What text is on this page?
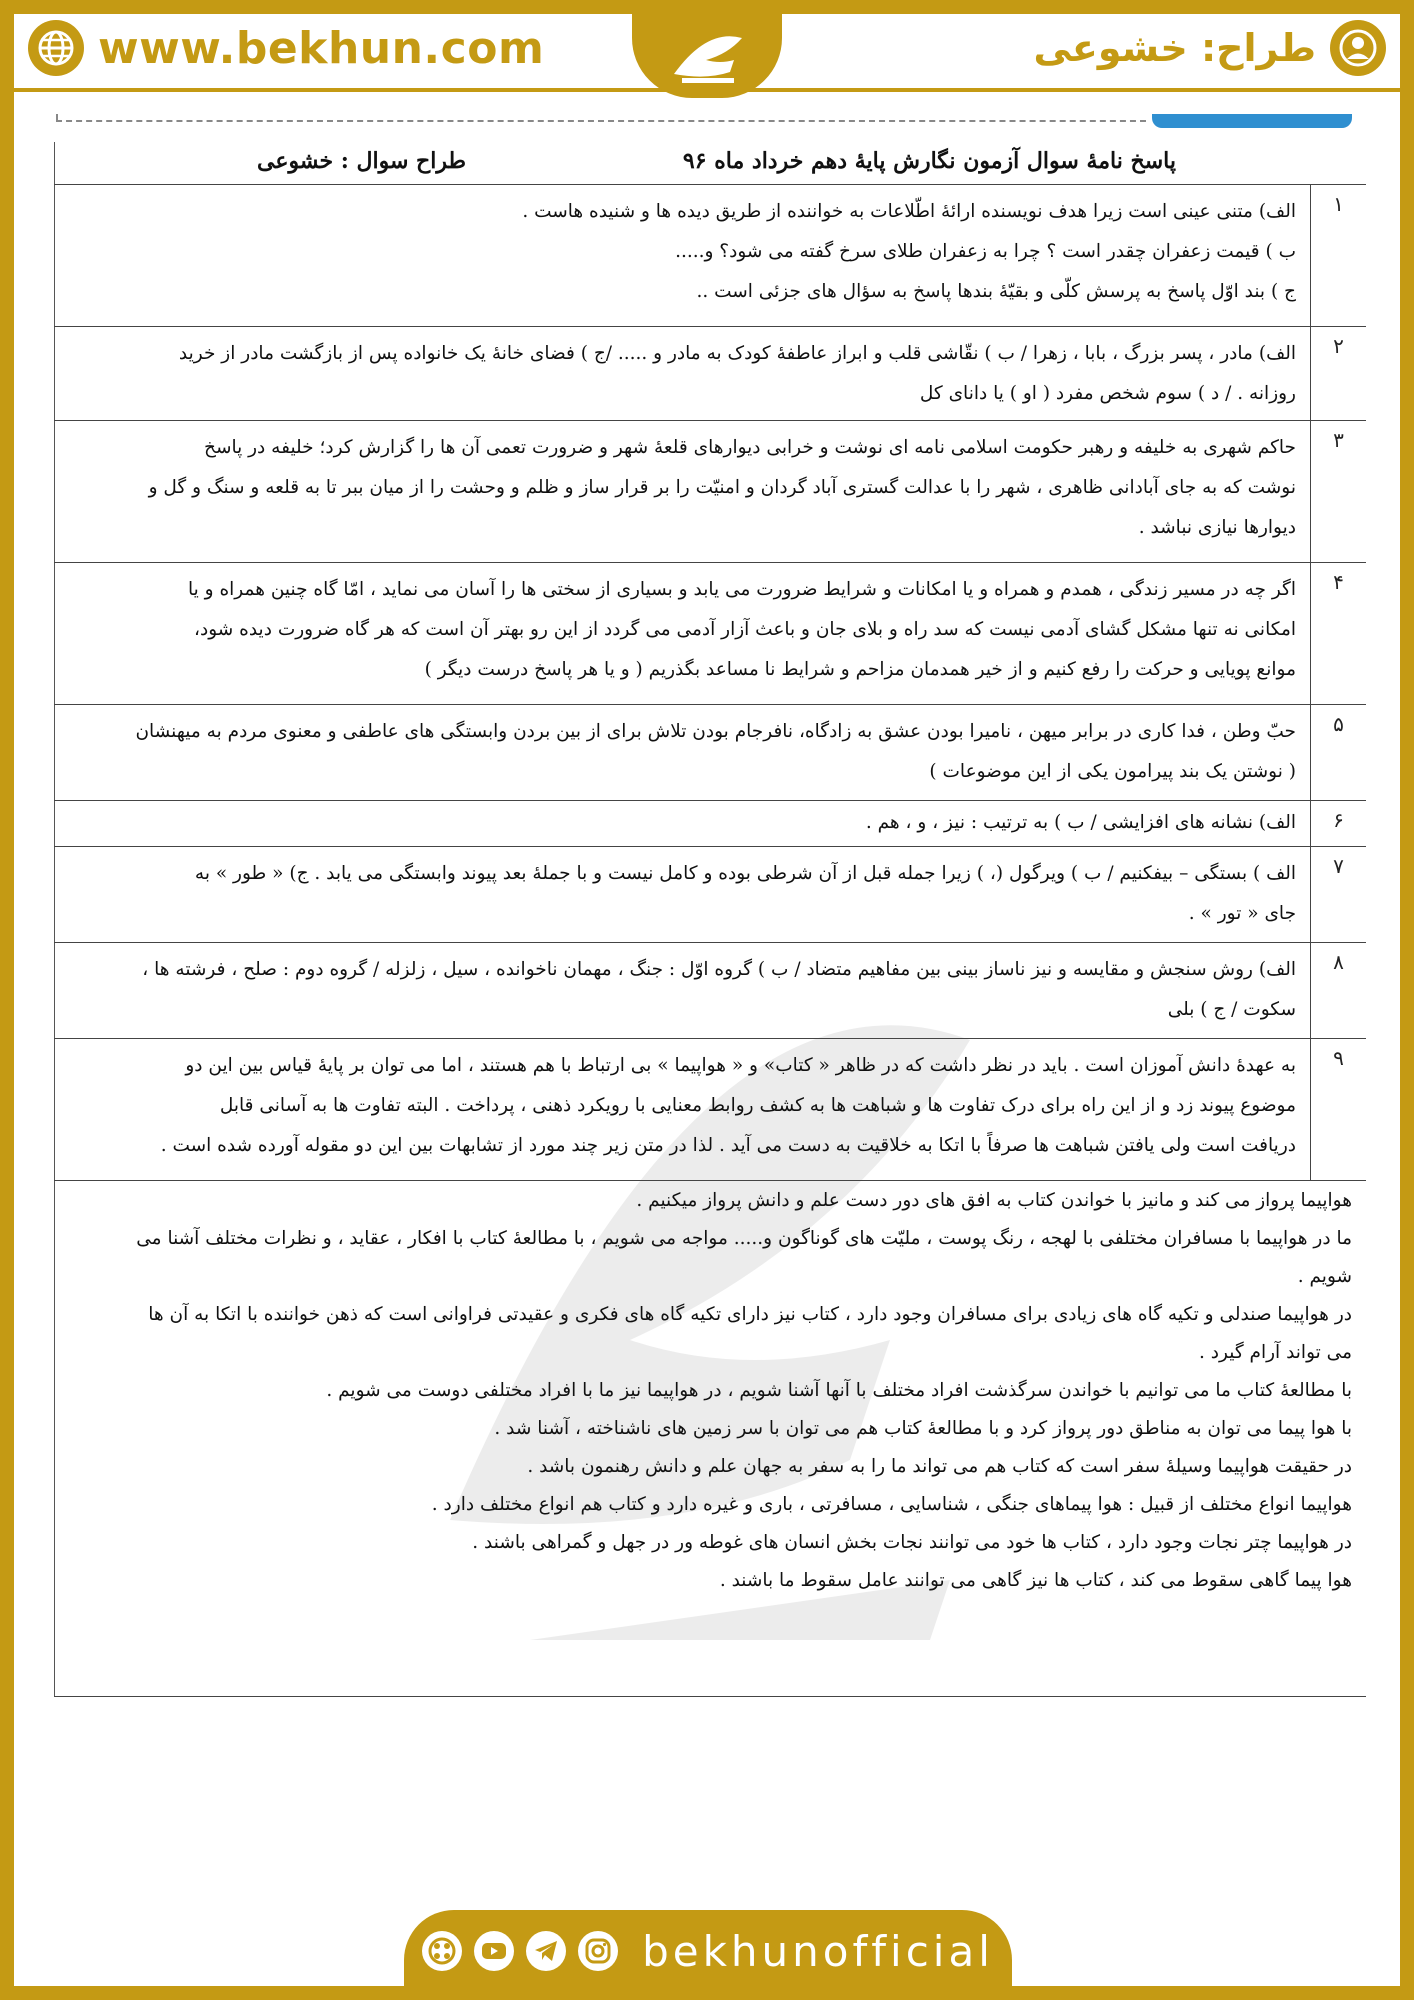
www.bekhun.com	طراح: خشوعی
پاسخ نامهٔ سوال آزمون نگارش پایهٔ دهم خرداد ماه ۹۶
طراح سوال : خشوعی
۱
الف) متنی عینی است زیرا هدف نویسنده ارائهٔ اطّلاعات به خواننده از طریق دیده ها و شنیده هاست .
ب ) قیمت زعفران چقدر است ؟ چرا به زعفران طلای سرخ گفته می شود؟ و.....
ج ) بند اوّل پاسخ به پرسش کلّی و بقیّهٔ بندها پاسخ به سؤال های جزئی است ..
۲
الف) مادر ، پسر بزرگ ، بابا ، زهرا / ب ) نقّاشی قلب و ابراز عاطفهٔ کودک به مادر و ..... /ج ) فضای خانهٔ یک خانواده پس از بازگشت مادر از خرید
روزانه . / د ) سوم شخص مفرد ( او ) یا دانای کل
۳
حاکم شهری به خلیفه و رهبر حکومت اسلامی نامه ای نوشت و خرابی دیوارهای قلعهٔ شهر و ضرورت تعمی آن ها را گزارش کرد؛ خلیفه در پاسخ
نوشت که به جای آبادانی ظاهری ، شهر را با عدالت گستری آباد گردان و امنیّت را بر قرار ساز و ظلم و وحشت را از میان ببر تا به قلعه و سنگ و گل و
دیوارها نیازی نباشد .
۴
اگر چه در مسیر زندگی ، همدم و همراه و یا امکانات و شرایط ضرورت می یابد و بسیاری از سختی ها را آسان می نماید ، امّا گاه چنین همراه و یا
امکانی نه تنها مشکل گشای آدمی نیست که سد راه و بلای جان و باعث آزار آدمی می گردد از این رو بهتر آن است که هر گاه ضرورت دیده شود،
موانع پویایی و حرکت را رفع کنیم و از خیر همدمان مزاحم و شرایط نا مساعد بگذریم ( و یا هر پاسخ درست دیگر )
۵
حبّ وطن ، فدا کاری در برابر میهن ، نامیرا بودن عشق به زادگاه، نافرجام بودن تلاش برای از بین بردن وابستگی های عاطفی و معنوی مردم به میهنشان
( نوشتن یک بند پیرامون یکی از این موضوعات )
۶
الف) نشانه های افزایشی / ب ) به ترتیب : نیز ، و ، هم .
۷
الف ) بستگی – بیفکنیم / ب ) ویرگول (، ) زیرا جمله قبل از آن شرطی بوده و کامل نیست و با جملهٔ بعد پیوند وابستگی می یابد . ج) « طور » به
جای « تور » .
۸
الف) روش سنجش و مقایسه و نیز ناساز بینی بین مفاهیم متضاد / ب ) گروه اوّل : جنگ ، مهمان ناخوانده ، سیل ، زلزله / گروه دوم : صلح ، فرشته ها ،
سکوت / ج ) بلی
۹
به عهدهٔ دانش آموزان است . باید در نظر داشت که در ظاهر « کتاب» و « هواپیما » بی ارتباط با هم هستند ، اما می توان بر پایهٔ قیاس بین این دو
موضوع پیوند زد و از این راه برای درک تفاوت ها و شباهت ها به کشف روابط معنایی با رویکرد ذهنی ، پرداخت . البته تفاوت ها به آسانی قابل
دریافت است ولی یافتن شباهت ها صرفاً با اتکا به خلاقیت به دست می آید . لذا در متن زیر چند مورد از تشابهات بین این دو مقوله آورده شده است .
هواپیما پرواز می کند و مانیز با خواندن کتاب به افق های دور دست علم و دانش پرواز میکنیم .
ما در هواپیما با مسافران مختلفی با لهجه ، رنگ پوست ، ملیّت های گوناگون و..... مواجه می شویم ، با مطالعهٔ کتاب با افکار ، عقاید ، و نظرات مختلف آشنا می
شویم .
در هواپیما صندلی و تکیه گاه های زیادی برای مسافران وجود دارد ، کتاب نیز دارای تکیه گاه های فکری و عقیدتی فراوانی است که ذهن خواننده با اتکا به آن ها
می تواند آرام گیرد .
با مطالعهٔ کتاب ما می توانیم با خواندن سرگذشت افراد مختلف با آنها آشنا شویم ، در هواپیما نیز ما با افراد مختلفی دوست می شویم .
با هوا پیما می توان به مناطق دور پرواز کرد و با مطالعهٔ کتاب هم می توان با سر زمین های ناشناخته ، آشنا شد .
در حقیقت هواپیما وسیلهٔ سفر است که کتاب هم می تواند ما را به سفر به جهان علم و دانش رهنمون باشد .
هواپیما انواع مختلف از قبیل : هوا پیماهای جنگی ، شناسایی ، مسافرتی ، باری و غیره دارد و کتاب هم انواع مختلف دارد .
در هواپیما چتر نجات وجود دارد ، کتاب ها خود می توانند نجات بخش انسان های غوطه ور در جهل و گمراهی باشند .
هوا پیما گاهی سقوط می کند ، کتاب ها نیز گاهی می توانند عامل سقوط ما باشند .
bekhunofficial
